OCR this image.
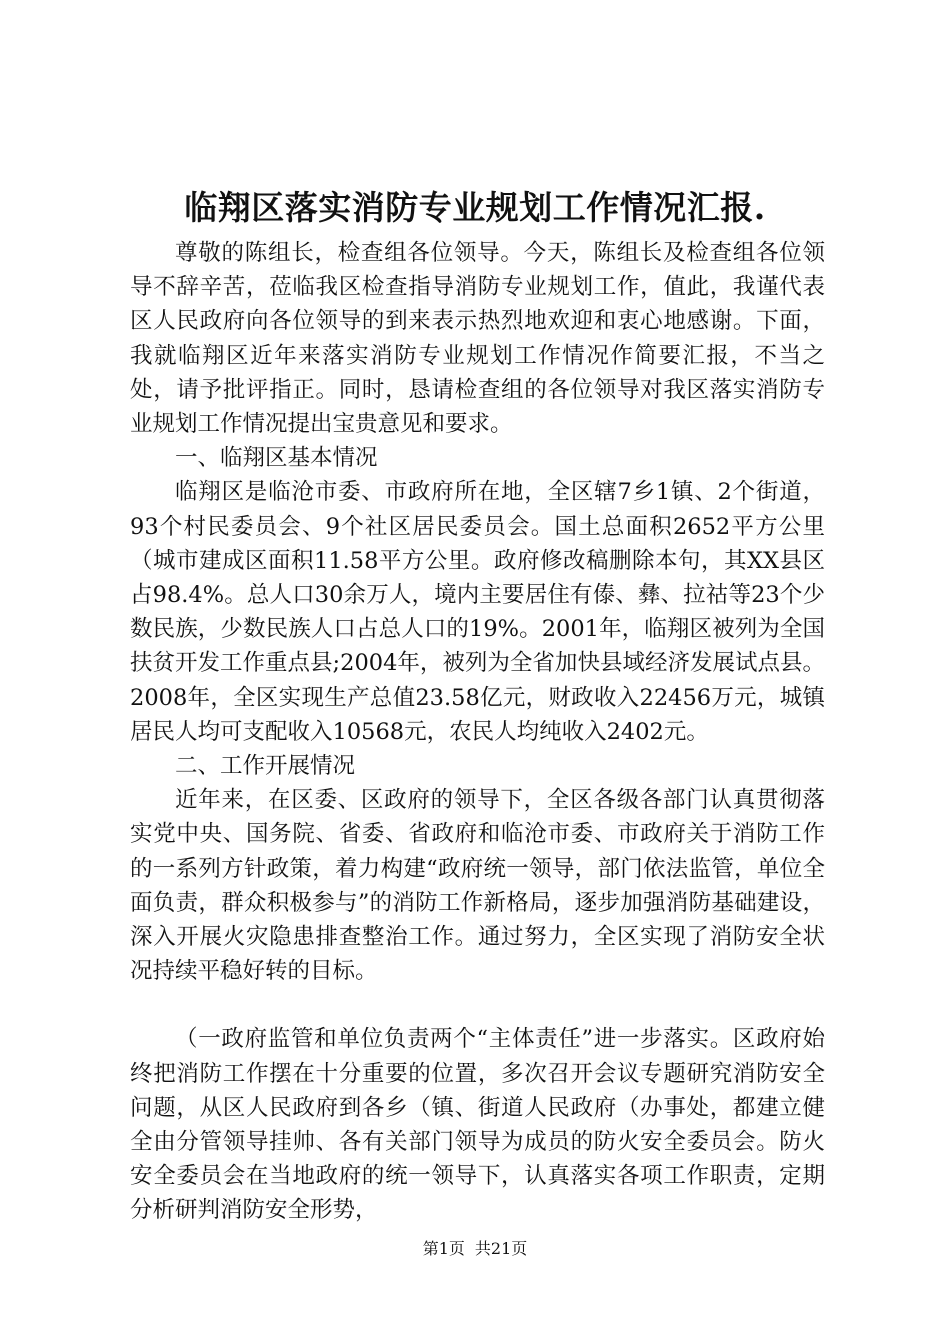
临翔区落实消防专业规划工作情况汇报.

尊敬的陈组长，检查组各位领导。今天，陈组长及检查组各位领导不辞辛苦，莅临我区检查指导消防专业规划工作，值此，我谨代表区人民政府向各位领导的到来表示热烈地欢迎和衷心地感谢。下面，我就临翔区近年来落实消防专业规划工作情况作简要汇报，不当之处，请予批评指正。同时，恳请检查组的各位领导对我区落实消防专业规划工作情况提出宝贵意见和要求。

一、临翔区基本情况

临翔区是临沧市委、市政府所在地，全区辖7乡1镇、2个街道，93个村民委员会、9个社区居民委员会。国土总面积2652平方公里（城市建成区面积11.58平方公里。政府修改稿删除本句，其XX县区占98.4%。总人口30余万人，境内主要居住有傣、彝、拉祜等23个少数民族，少数民族人口占总人口的19%。2001年，临翔区被列为全国扶贫开发工作重点县;2004年，被列为全省加快县域经济发展试点县。2008年，全区实现生产总值23.58亿元，财政收入22456万元，城镇居民人均可支配收入10568元，农民人均纯收入2402元。

二、工作开展情况

近年来，在区委、区政府的领导下，全区各级各部门认真贯彻落实党中央、国务院、省委、省政府和临沧市委、市政府关于消防工作的一系列方针政策，着力构建“政府统一领导，部门依法监管，单位全面负责，群众积极参与”的消防工作新格局，逐步加强消防基础建设，深入开展火灾隐患排查整治工作。通过努力，全区实现了消防安全状况持续平稳好转的目标。

（一政府监管和单位负责两个“主体责任”进一步落实。区政府始终把消防工作摆在十分重要的位置，多次召开会议专题研究消防安全问题，从区人民政府到各乡（镇、街道人民政府（办事处，都建立健全由分管领导挂帅、各有关部门领导为成员的防火安全委员会。防火安全委员会在当地政府的统一领导下，认真落实各项工作职责，定期分析研判消防安全形势，

第1页 共21页
